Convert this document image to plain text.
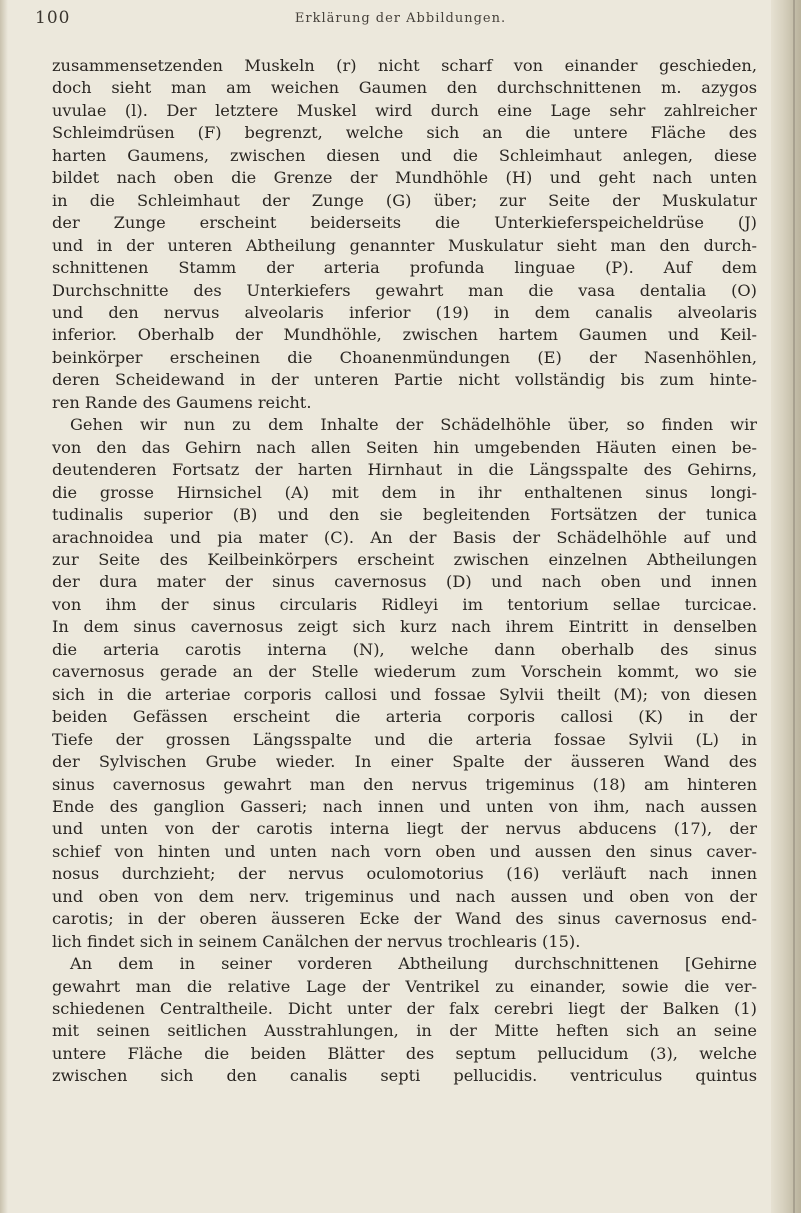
100	Erklärung der Abbildungen.
zusammensetzenden Muskeln (r) nicht scharf von einander geschieden,
doch sieht man am weichen Gaumen den durchschnittenen m. azygos
uvulae (l). Der letztere Muskel wird durch eine Lage sehr zahlreicher
Schleimdrüsen (F) begrenzt, welche sich an die untere Fläche des
harten Gaumens, zwischen diesen und die Schleimhaut anlegen, diese
bildet nach oben die Grenze der Mundhöhle (H) und geht nach unten
in die Schleimhaut der Zunge (G) über; zur Seite der Muskulatur
der Zunge erscheint beiderseits die Unterkieferspeicheldrüse (J)
und in der unteren Abtheilung genannter Muskulatur sieht man den durch-
schnittenen Stamm der arteria profunda linguae (P). Auf dem
Durchschnitte des Unterkiefers gewahrt man die vasa dentalia (O)
und den nervus alveolaris inferior (19) in dem canalis alveolaris
inferior. Oberhalb der Mundhöhle, zwischen hartem Gaumen und Keil-
beinkörper erscheinen die Choanenmündungen (E) der Nasenhöhlen,
deren Scheidewand in der unteren Partie nicht vollständig bis zum hinte-
ren Rande des Gaumens reicht.
Gehen wir nun zu dem Inhalte der Schädelhöhle über, so finden wir
von den das Gehirn nach allen Seiten hin umgebenden Häuten einen be-
deutenderen Fortsatz der harten Hirnhaut in die Längsspalte des Gehirns,
die grosse Hirnsichel (A) mit dem in ihr enthaltenen sinus longi-
tudinalis superior (B) und den sie begleitenden Fortsätzen der tunica
arachnoidea und pia mater (C). An der Basis der Schädelhöhle auf und
zur Seite des Keilbeinkörpers erscheint zwischen einzelnen Abtheilungen
der dura mater der sinus cavernosus (D) und nach oben und innen
von ihm der sinus circularis Ridleyi im tentorium sellae turcicae.
In dem sinus cavernosus zeigt sich kurz nach ihrem Eintritt in denselben
die arteria carotis interna (N), welche dann oberhalb des sinus
cavernosus gerade an der Stelle wiederum zum Vorschein kommt, wo sie
sich in die arteriae corporis callosi und fossae Sylvii theilt (M); von diesen
beiden Gefässen erscheint die arteria corporis callosi (K) in der
Tiefe der grossen Längsspalte und die arteria fossae Sylvii (L) in
der Sylvischen Grube wieder. In einer Spalte der äusseren Wand des
sinus cavernosus gewahrt man den nervus trigeminus (18) am hinteren
Ende des ganglion Gasseri; nach innen und unten von ihm, nach aussen
und unten von der carotis interna liegt der nervus abducens (17), der
schief von hinten und unten nach vorn oben und aussen den sinus caver-
nosus durchzieht; der nervus oculomotorius (16) verläuft nach innen
und oben von dem nerv. trigeminus und nach aussen und oben von der
carotis; in der oberen äusseren Ecke der Wand des sinus cavernosus end-
lich findet sich in seinem Canälchen der nervus trochlearis (15).
An dem in seiner vorderen Abtheilung durchschnittenen [Gehirne
gewahrt man die relative Lage der Ventrikel zu einander, sowie die ver-
schiedenen Centraltheile. Dicht unter der falx cerebri liegt der Balken (1)
mit seinen seitlichen Ausstrahlungen, in der Mitte heften sich an seine
untere Fläche die beiden Blätter des septum pellucidum (3), welche
zwischen sich den canalis septi pellucidis. ventriculus quintus
